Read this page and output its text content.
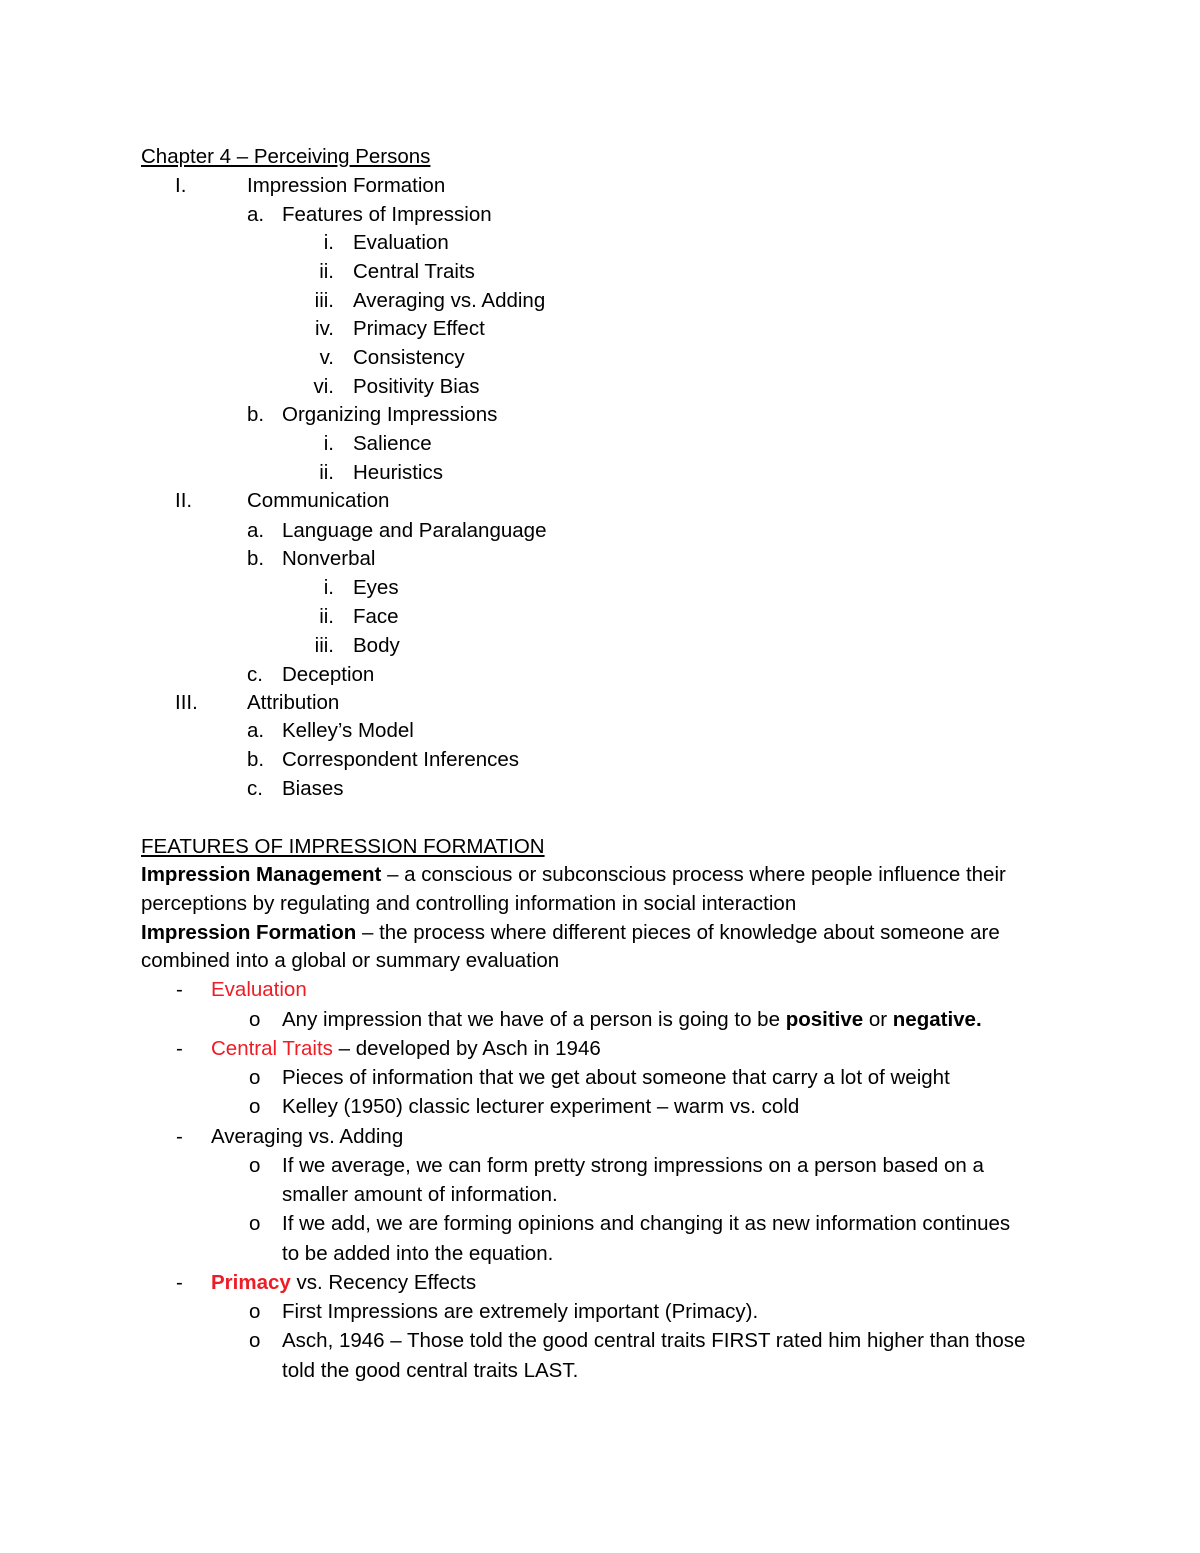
Chapter 4 – Perceiving Persons
I.	Impression Formation
a. Features of Impression
i. Evaluation
ii. Central Traits
iii. Averaging vs. Adding
iv. Primacy Effect
v. Consistency
vi. Positivity Bias
b. Organizing Impressions
i. Salience
ii. Heuristics
II.	Communication
a. Language and Paralanguage
b. Nonverbal
i. Eyes
ii. Face
iii. Body
c. Deception
III. Attribution
a. Kelley’s Model
b. Correspondent Inferences
c. Biases
FEATURES OF IMPRESSION FORMATION
Impression Management – a conscious or subconscious process where people influence their
perceptions by regulating and controlling information in social interaction
Impression Formation – the process where different pieces of knowledge about someone are
combined into a global or summary evaluation
- Evaluation
o Any impression that we have of a person is going to be positive or negative.
- Central Traits – developed by Asch in 1946
o Pieces of information that we get about someone that carry a lot of weight
o Kelley (1950) classic lecturer experiment – warm vs. cold
- Averaging vs. Adding
o If we average, we can form pretty strong impressions on a person based on a
smaller amount of information.
o If we add, we are forming opinions and changing it as new information continues
to be added into the equation.
- Primacy vs. Recency Effects
o First Impressions are extremely important (Primacy).
o Asch, 1946 – Those told the good central traits FIRST rated him higher than those
told the good central traits LAST.
